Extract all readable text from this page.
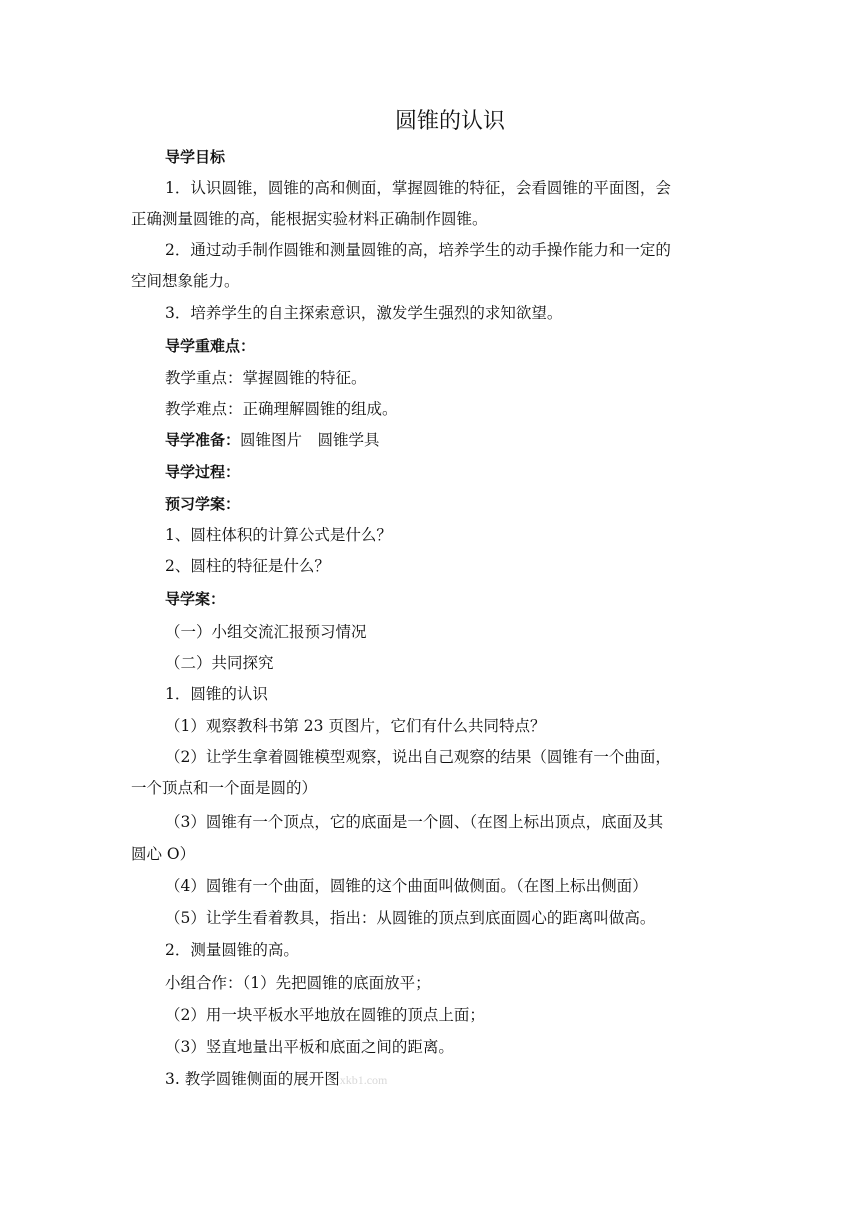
圆锥的认识
导学目标
1．认识圆锥，圆锥的高和侧面，掌握圆锥的特征，会看圆锥的平面图，会
正确测量圆锥的高，能根据实验材料正确制作圆锥。
2．通过动手制作圆锥和测量圆锥的高，培养学生的动手操作能力和一定的
空间想象能力。
3．培养学生的自主探索意识，激发学生强烈的求知欲望。
导学重难点：
教学重点：掌握圆锥的特征。
教学难点：正确理解圆锥的组成。
导学准备：圆锥图片　圆锥学具
导学过程：
预习学案：
1、圆柱体积的计算公式是什么？
2、圆柱的特征是什么？
导学案：
（一）小组交流汇报预习情况
（二）共同探究
1．圆锥的认识
（1）观察教科书第 23 页图片，它们有什么共同特点？
（2）让学生拿着圆锥模型观察，说出自己观察的结果（圆锥有一个曲面，
一个顶点和一个面是圆的）
（3）圆锥有一个顶点，它的底面是一个圆、（在图上标出顶点，底面及其
圆心 O）
（4）圆锥有一个曲面，圆锥的这个曲面叫做侧面。（在图上标出侧面）
（5）让学生看着教具，指出：从圆锥的顶点到底面圆心的距离叫做高。
2．测量圆锥的高。
小组合作：（1）先把圆锥的底面放平；
（2）用一块平板水平地放在圆锥的顶点上面；
（3）竖直地量出平板和底面之间的距离。
3. 教学圆锥侧面的展开图xkb1.com
